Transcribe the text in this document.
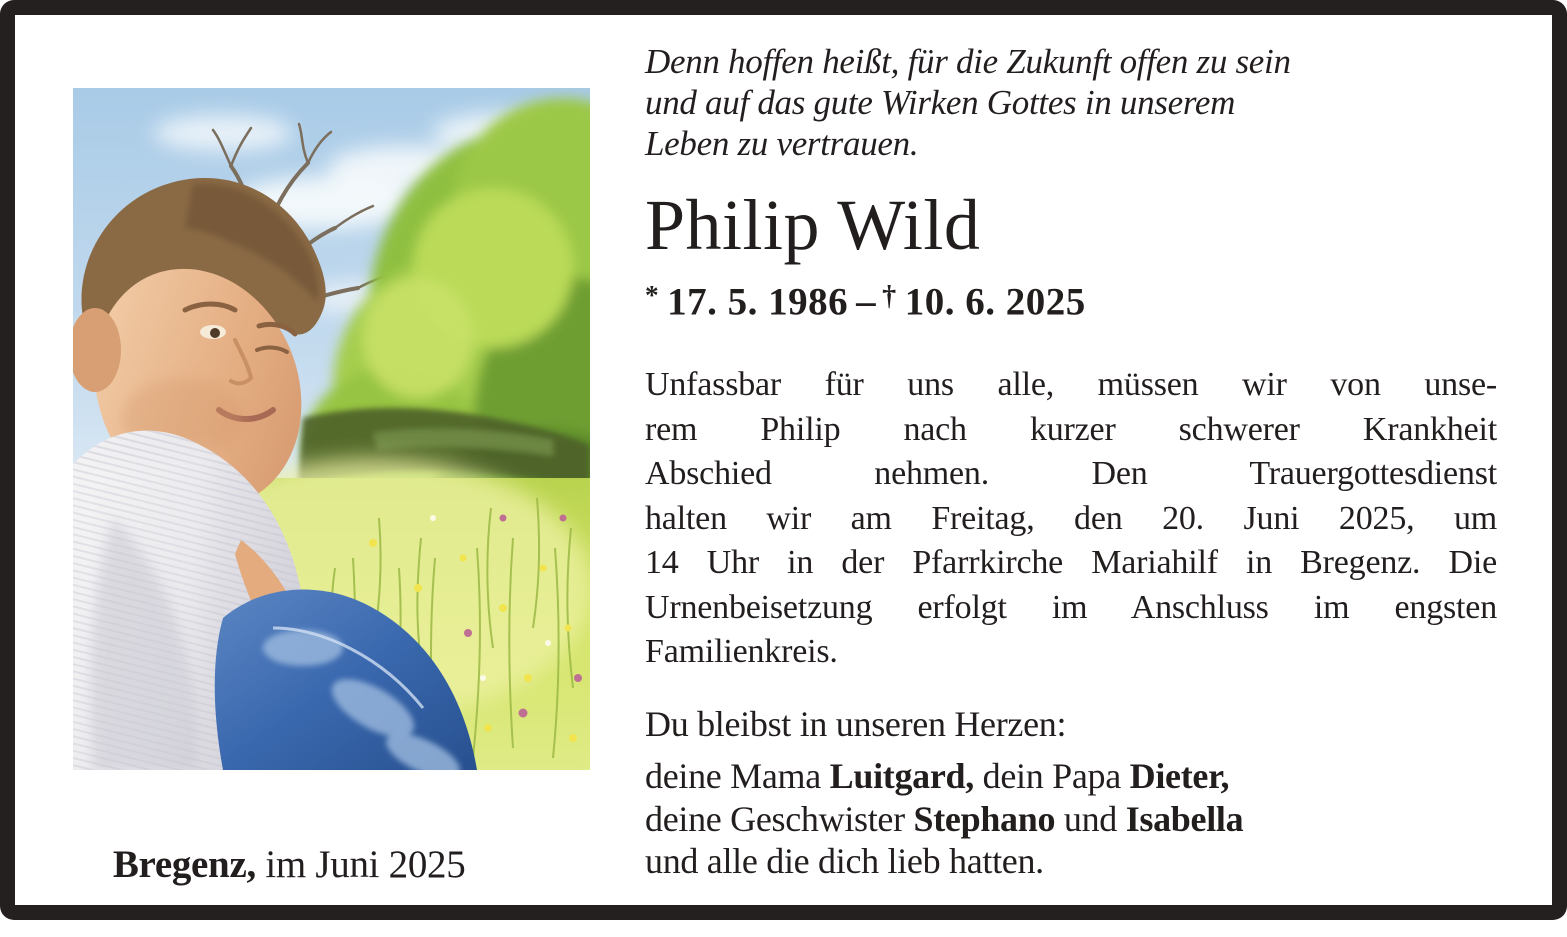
Bregenz, im Juni 2025

Denn hoffen heißt, für die Zukunft offen zu sein
und auf das gute Wirken Gottes in unserem
Leben zu vertrauen.
Philip Wild
* 17. 5. 1986 – † 10. 6. 2025
Unfassbar für uns alle, müssen wir von unse-
rem Philip nach kurzer schwerer Krankheit
Abschied nehmen. Den Trauergottesdienst
halten wir am Freitag, den 20. Juni 2025, um
14 Uhr in der Pfarrkirche Mariahilf in Bregenz. Die
Urnenbeisetzung erfolgt im Anschluss im engsten
Familienkreis.
Du bleibst in unseren Herzen:
deine Mama Luitgard, dein Papa Dieter,
deine Geschwister Stephano und Isabella
und alle die dich lieb hatten.
